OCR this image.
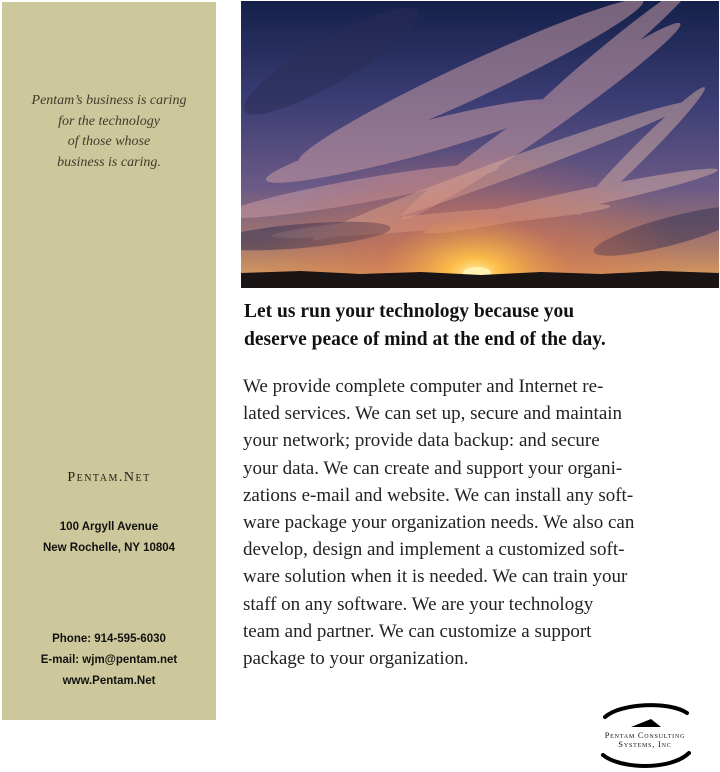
Pentam’s business is caring
for the technology
of those whose
business is caring.
Pentam.Net
100 Argyll Avenue
New Rochelle, NY 10804
Phone: 914-595-6030
E-mail: wjm@pentam.net
www.Pentam.Net
Let us run your technology because you
deserve peace of mind at the end of the day.
We provide complete computer and Internet re-
lated services. We can set up, secure and maintain
your network; provide data backup: and secure
your data. We can create and support your organi-
zations e-mail and website. We can install any soft-
ware package your organization needs. We also can
develop, design and implement a customized soft-
ware solution when it is needed. We can train your
staff on any software. We are your technology
team and partner. We can customize a support
package to your organization.
Pentam Consulting
Systems, Inc
